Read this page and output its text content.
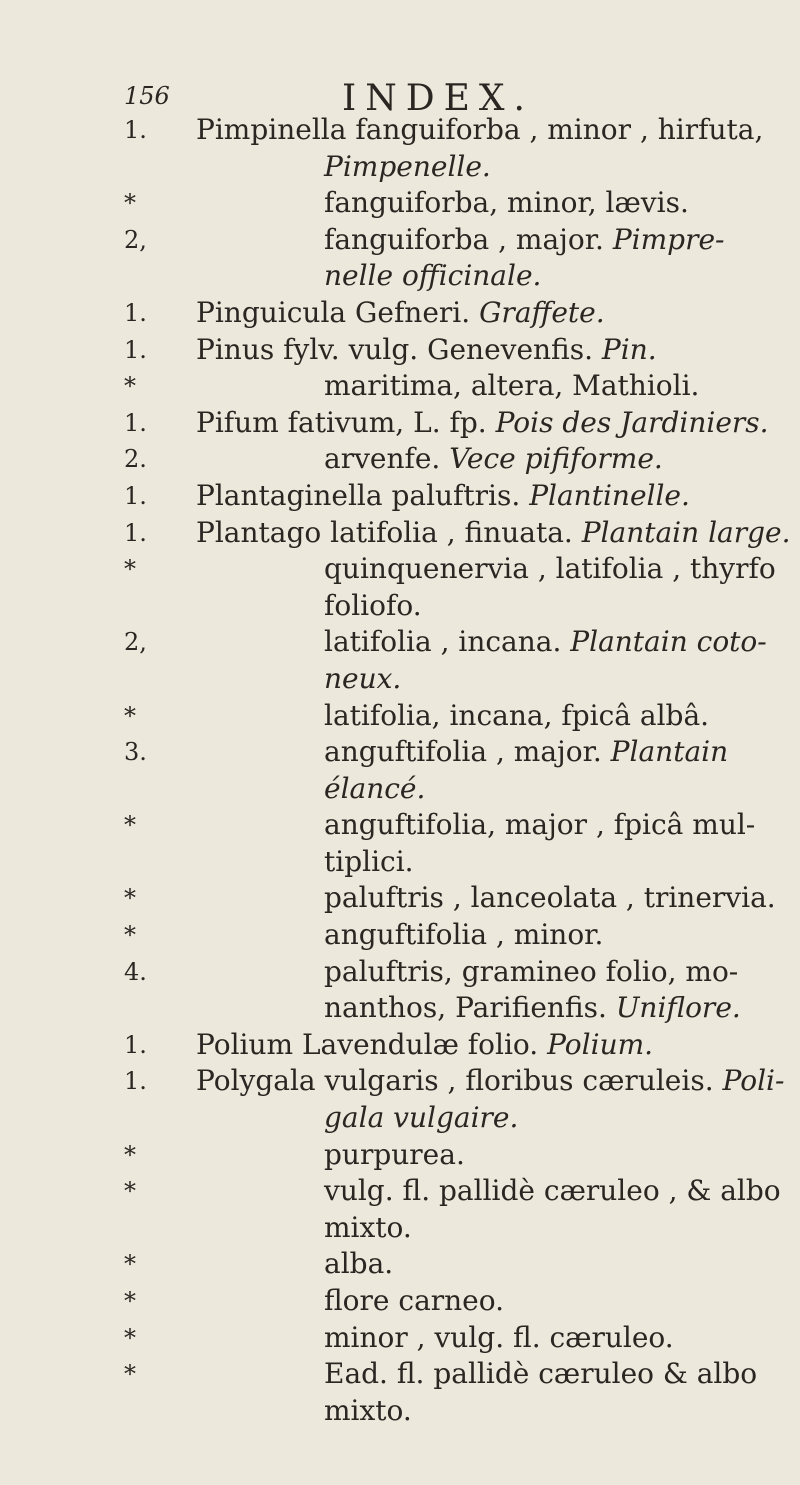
156	INDEX.
1.	Pimpinella fanguiforba , minor , hirfuta,
Pimpenelle.
*	fanguiforba, minor, lævis.
2,	fanguiforba , major. Pimpre-
nelle officinale.
1.	Pinguicula Gefneri. Graffete.
1.	Pinus fylv. vulg. Genevenfis. Pin.
*	maritima, altera, Mathioli.
1.	Pifum fativum, L. fp. Pois des Jardiniers.
2.	arvenfe. Vece pififorme.
1.	Plantaginella paluftris. Plantinelle.
1.	Plantago latifolia , finuata. Plantain large.
*	quinquenervia , latifolia , thyrfo
foliofo.
2,	latifolia , incana. Plantain coto-
neux.
*	latifolia, incana, fpicâ albâ.
3.	anguftifolia , major. Plantain
élancé.
*	anguftifolia, major , fpicâ mul-
tiplici.
*	paluftris , lanceolata , trinervia.
*	anguftifolia , minor.
4.	paluftris, gramineo folio, mo-
nanthos, Parifienfis. Uniflore.
1.	Polium Lavendulæ folio. Polium.
1.	Polygala vulgaris , floribus cæruleis. Poli-
gala vulgaire.
*	purpurea.
*	vulg. fl. pallidè cæruleo , & albo
mixto.
*	alba.
*	flore carneo.
*	minor , vulg. fl. cæruleo.
*	Ead. fl. pallidè cæruleo & albo
mixto.
